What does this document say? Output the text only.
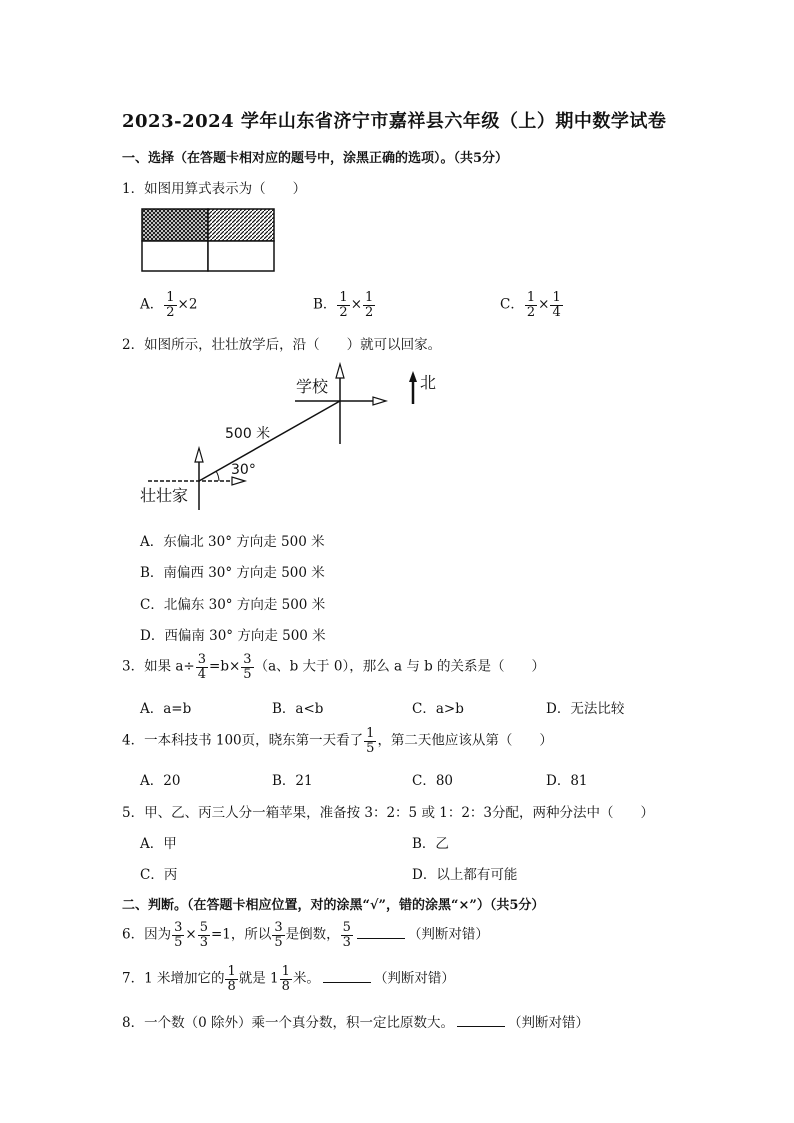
2023-2024 学年山东省济宁市嘉祥县六年级（上）期中数学试卷
一、选择（在答题卡相对应的题号中，涂黑正确的选项）。（共5分）
1．如图用算式表示为（　　）
A． $\frac{1}{2} \times 2$	B． $\frac{1}{2} \times \frac{1}{2}$	C． $\frac{1}{2} \times \frac{1}{4}$
2．如图所示，壮壮放学后，沿（　　）就可以回家。
北
学校
500 米
30°
壮壮家
A．东偏北 30° 方向走 500 米
B．南偏西 30° 方向走 500 米
C．北偏东 30° 方向走 500 米
D．西偏南 30° 方向走 500 米
3．如果 $a\div \frac{3}{4} =b\times \frac{3}{5} (a$、b 大于 0），那么 a 与 b 的关系是（　　）
A．a=b	B．a<b	C．a>b	D．无法比较
4．一本科技书 100页，晓东第一天看了 $\frac{1}{5}$ ，第二天他应该从第（　　）
A．20	B．21	C．80	D．81
5．甲、乙、丙三人分一箱苹果，准备按 3：2：5 或 1：2：3分配，两种分法中（　　）
A．甲	B．乙
C．丙	D．以上都有可能
二、判断。（在答题卡相应位置，对的涂黑“√”，错的涂黑“×”）（共5分）
6．因为 $\frac{3}{5} \times \frac{5}{3} =1$，所以 $\frac{3}{5}$ 是倒数， $\frac{5}{3}$	（判断对错）
7．1 米增加它的 $\frac{1}{8}$ 就是 $1 \frac{1}{8}$ 米。	（判断对错）
8．一个数（0 除外）乘一个真分数，积一定比原数大。	（判断对错）
